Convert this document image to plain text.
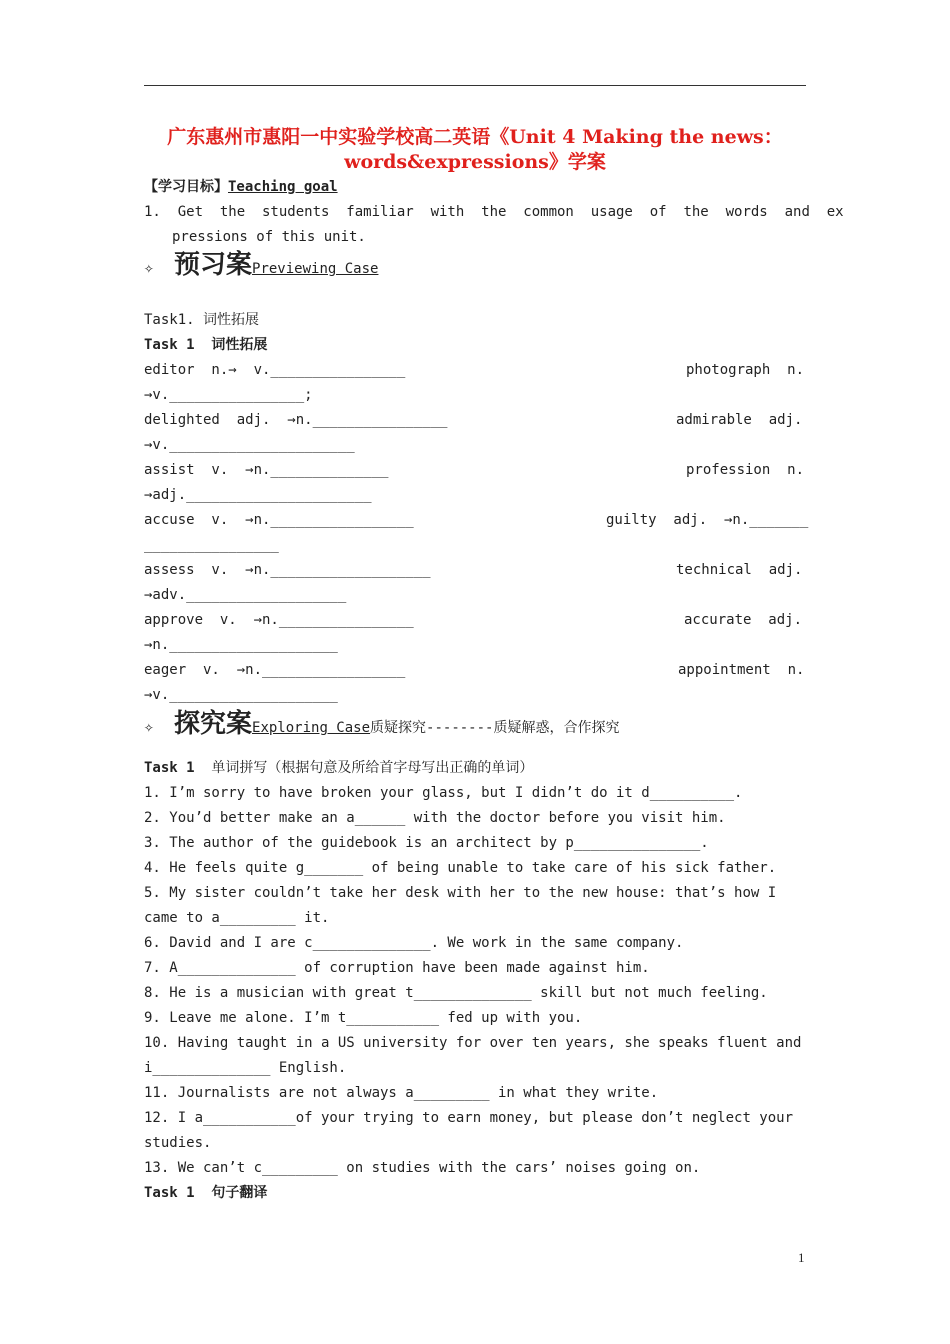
广东惠州市惠阳一中实验学校高二英语《Unit 4 Making the news：
words&expressions》学案
【学习目标】Teaching goal
1.  Get  the  students  familiar  with  the  common  usage  of  the  words  and  ex
pressions of this unit.
✧ 预习案 Previewing Case
Task1. 词性拓展
Task 1  词性拓展
editor  n.→  v.________________	photograph  n.
→v.________________;
delighted  adj.  →n.________________	admirable  adj.
→v.______________________
assist  v.  →n.______________	profession  n.
→adj.______________________
accuse  v.  →n._________________	guilty  adj.  →n._______
________________
assess  v.  →n.___________________	technical  adj.
→adv.___________________
approve  v.  →n.________________	accurate  adj.
→n.____________________
eager  v.  →n._________________	appointment  n.
→v.____________________
✧ 探究案 Exploring Case 质疑探究--------质疑解惑，合作探究
Task 1  单词拼写（根据句意及所给首字母写出正确的单词）
1. I’m sorry to have broken your glass, but I didn’t do it d__________.
2. You’d better make an a______ with the doctor before you visit him.
3. The author of the guidebook is an architect by p_______________.
4. He feels quite g_______ of being unable to take care of his sick father.
5. My sister couldn’t take her desk with her to the new house: that’s how I
came to a_________ it.
6. David and I are c______________. We work in the same company.
7. A______________ of corruption have been made against him.
8. He is a musician with great t______________ skill but not much feeling.
9. Leave me alone. I’m t___________ fed up with you.
10. Having taught in a US university for over ten years, she speaks fluent and
i______________ English.
11. Journalists are not always a_________ in what they write.
12. I a___________of your trying to earn money, but please don’t neglect your
studies.
13. We can’t c_________ on studies with the cars’ noises going on.
Task 1  句子翻译
1
